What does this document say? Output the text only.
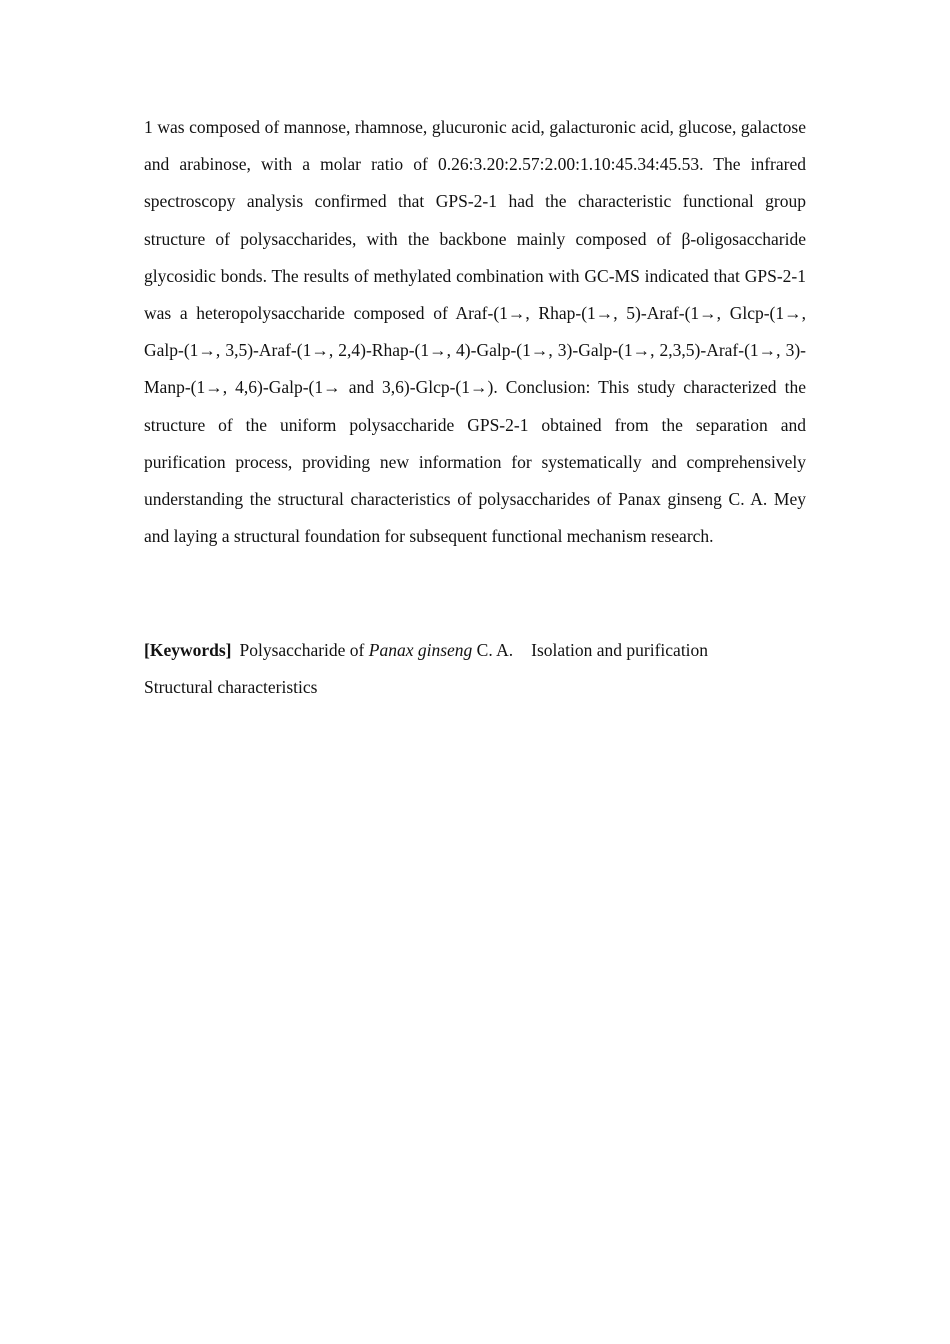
1 was composed of mannose, rhamnose, glucuronic acid, galacturonic acid, glucose, galactose and arabinose, with a molar ratio of 0.26:3.20:2.57:2.00:1.10:45.34:45.53. The infrared spectroscopy analysis confirmed that GPS-2-1 had the characteristic functional group structure of polysaccharides, with the backbone mainly composed of β-oligosaccharide glycosidic bonds. The results of methylated combination with GC-MS indicated that GPS-2-1 was a heteropolysaccharide composed of Araf-(1→, Rhap-(1→, 5)-Araf-(1→, Glcp-(1→, Galp-(1→, 3,5)-Araf-(1→, 2,4)-Rhap-(1→, 4)-Galp-(1→, 3)-Galp-(1→, 2,3,5)-Araf-(1→, 3)-Manp-(1→, 4,6)-Galp-(1→ and 3,6)-Glcp-(1→). Conclusion: This study characterized the structure of the uniform polysaccharide GPS-2-1 obtained from the separation and purification process, providing new information for systematically and comprehensively understanding the structural characteristics of polysaccharides of Panax ginseng C. A. Mey and laying a structural foundation for subsequent functional mechanism research.

[Keywords] Polysaccharide of Panax ginseng C. A. Isolation and purification
Structural characteristics
